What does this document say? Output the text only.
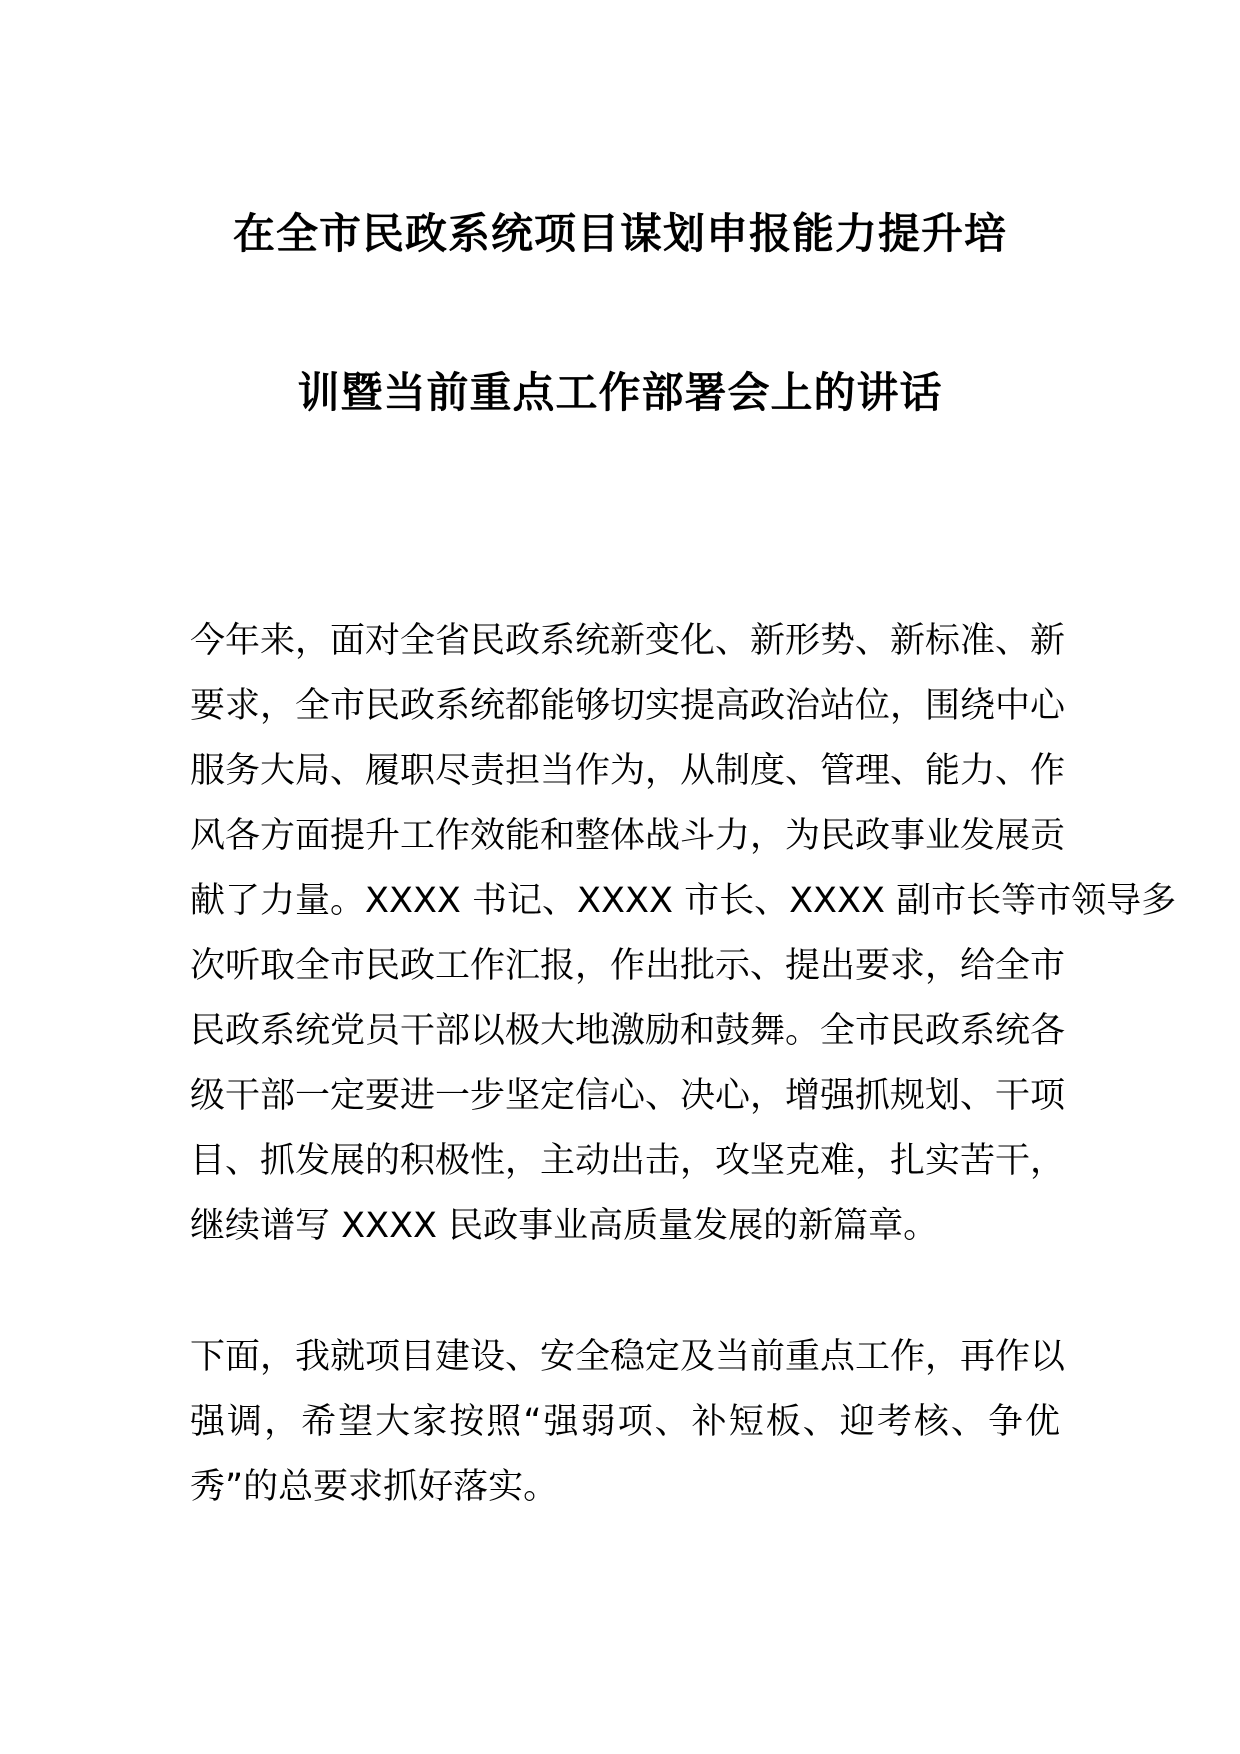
在全市民政系统项目谋划申报能力提升培
训暨当前重点工作部署会上的讲话
今年来，面对全省民政系统新变化、新形势、新标准、新
要求，全市民政系统都能够切实提高政治站位，围绕中心
服务大局、履职尽责担当作为，从制度、管理、能力、作
风各方面提升工作效能和整体战斗力，为民政事业发展贡
献了力量。XXXX 书记、XXXX 市长、XXXX 副市长等市领导多
次听取全市民政工作汇报，作出批示、提出要求，给全市
民政系统党员干部以极大地激励和鼓舞。全市民政系统各
级干部一定要进一步坚定信心、决心，增强抓规划、干项
目、抓发展的积极性，主动出击，攻坚克难，扎实苦干，
继续谱写 XXXX 民政事业高质量发展的新篇章。
下面，我就项目建设、安全稳定及当前重点工作，再作以
强调，希望大家按照“强弱项、补短板、迎考核、争优
秀”的总要求抓好落实。
